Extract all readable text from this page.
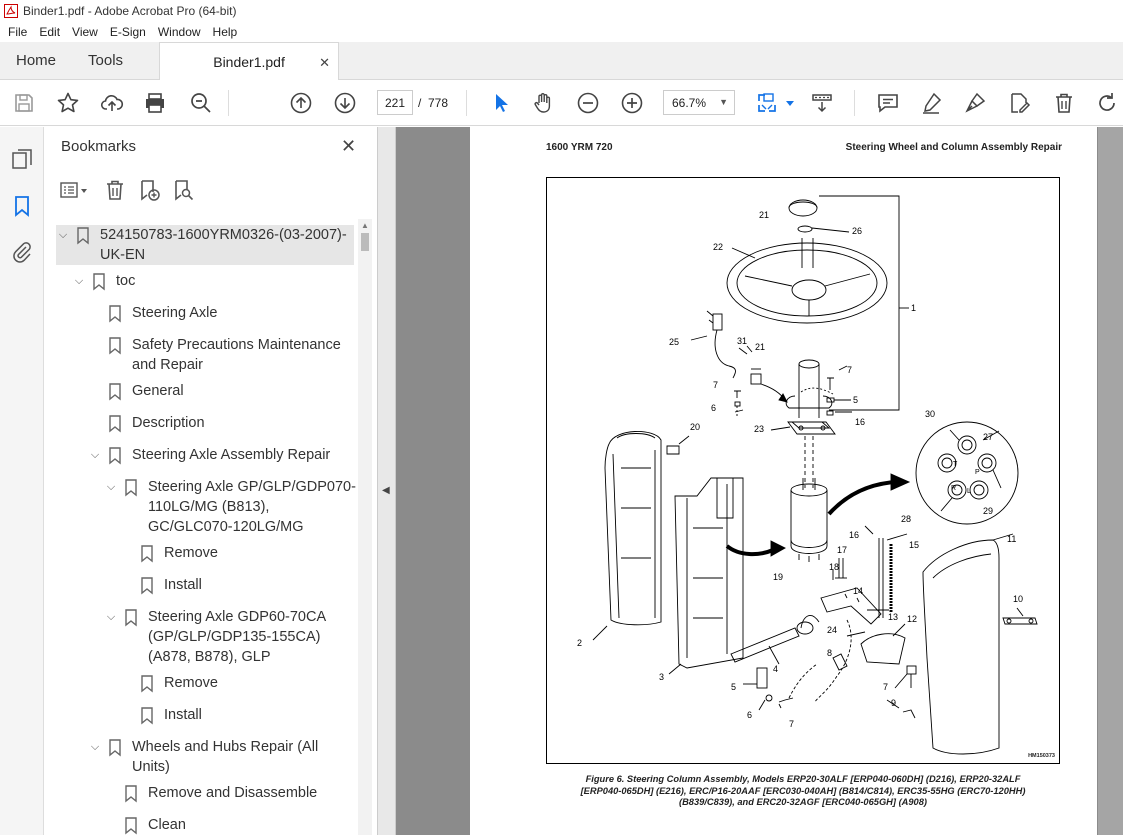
Binder1.pdf - Adobe Acrobat Pro (64-bit)
File	Edit	View	E-Sign	Window	Help
Home	Tools	Binder1.pdf	✕
221	/ 778	66.7% ▼
Bookmarks	✕
⌵ 524150783-1600YRM0326-(03-2007)-UK-EN
⌵ toc
Steering Axle
Safety Precautions Maintenance and Repair
General
Description
⌵ Steering Axle Assembly Repair
⌵ Steering Axle GP/GLP/GDP070-110LG/MG (B813), GC/GLC070-120LG/MG
Remove
Install
⌵ Steering Axle GDP60-70CA (GP/GLP/GDP135-155CA) (A878, B878), GLP
Remove
Install
⌵ Wheels and Hubs Repair (All Units)
Remove and Disassemble
Clean
▲
◀
1600 YRM 720	Steering Wheel and Column Assembly Repair
21
26
22
1
25	31
21
7
6
7
5
16
23
20
30
27
29
28
T
P
R L
19
16
15
17
18
11
14
10
13 12
24
2
4
8
3
5	7
6
7
9
HM150373
Figure 6. Steering Column Assembly, Models ERP20-30ALF [ERP040-060DH] (D216), ERP20-32ALF
[ERP040-065DH] (E216), ERC/P16-20AAF [ERC030-040AH] (B814/C814), ERC35-55HG (ERC70-120HH)
(B839/C839), and ERC20-32AGF [ERC040-065GH] (A908)
